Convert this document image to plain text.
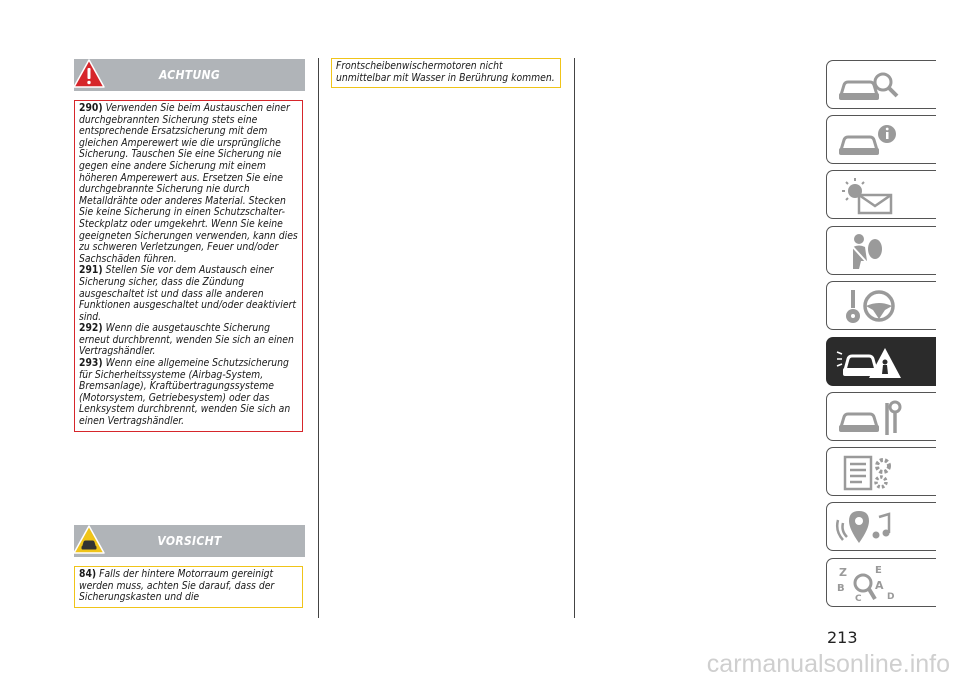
ACHTUNG
290) Verwenden Sie beim Austauschen einer durchgebrannten Sicherung stets eine entsprechende Ersatzsicherung mit dem gleichen Amperewert wie die ursprüngliche Sicherung. Tauschen Sie eine Sicherung nie gegen eine andere Sicherung mit einem höheren Amperewert aus. Ersetzen Sie eine durchgebrannte Sicherung nie durch Metalldrähte oder anderes Material. Stecken Sie keine Sicherung in einen Schutzschalter-Steckplatz oder umgekehrt. Wenn Sie keine geeigneten Sicherungen verwenden, kann dies zu schweren Verletzungen, Feuer und/oder Sachschäden führen.
291) Stellen Sie vor dem Austausch einer Sicherung sicher, dass die Zündung ausgeschaltet ist und dass alle anderen Funktionen ausgeschaltet und/oder deaktiviert sind.
292) Wenn die ausgetauschte Sicherung erneut durchbrennt, wenden Sie sich an einen Vertragshändler.
293) Wenn eine allgemeine Schutzsicherung für Sicherheitssysteme (Airbag-System, Bremsanlage), Kraftübertragungssysteme (Motorsystem, Getriebesystem) oder das Lenksystem durchbrennt, wenden Sie sich an einen Vertragshändler.
VORSICHT
84) Falls der hintere Motorraum gereinigt werden muss, achten Sie darauf, dass der Sicherungskasten und die
Frontscheibenwischermotoren nicht unmittelbar mit Wasser in Berührung kommen.
Z	E
B	A
C	D
213
carmanualsonline.info
